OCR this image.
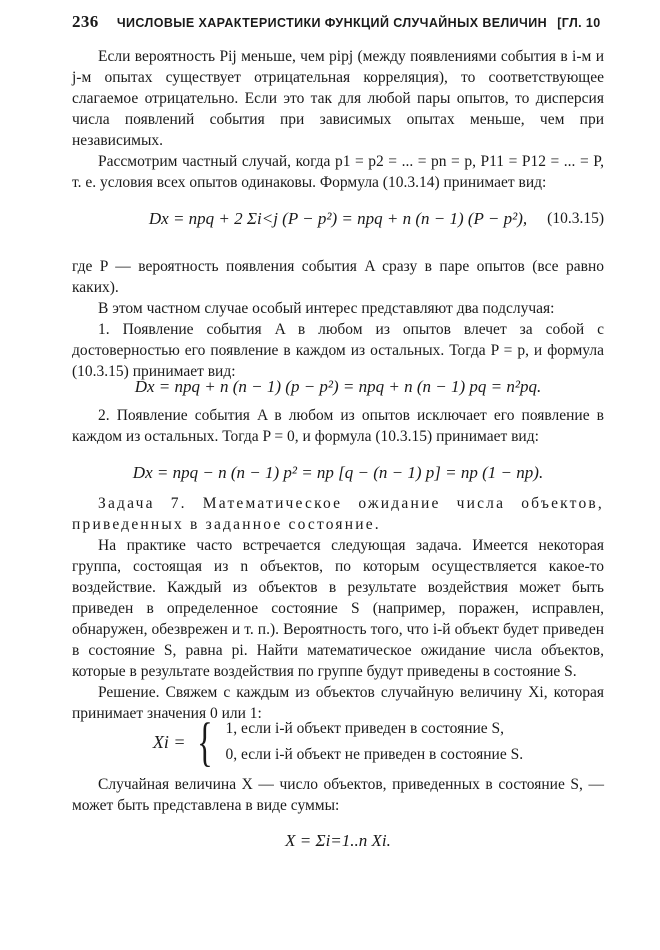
236 ЧИСЛОВЫЕ ХАРАКТЕРИСТИКИ ФУНКЦИЙ СЛУЧАЙНЫХ ВЕЛИЧИН [ГЛ. 10

Если вероятность Pij меньше, чем pipj (между появлениями события в i-м и j-м опытах существует отрицательная корреляция), то соответствующее слагаемое отрицательно. Если это так для любой пары опытов, то дисперсия числа появлений события при зависимых опытах меньше, чем при независимых.

Рассмотрим частный случай, когда p1 = p2 = ... = pn = p, P11 = P12 = ... = P, т. е. условия всех опытов одинаковы. Формула (10.3.14) принимает вид:

Dx = npq + 2 Σi<j (P − p²) = npq + n (n − 1) (P − p²), (10.3.15)

где P — вероятность появления события A сразу в паре опытов (все равно каких).

В этом частном случае особый интерес представляют два подслучая:

1. Появление события A в любом из опытов влечет за собой с достоверностью его появление в каждом из остальных. Тогда P = p, и формула (10.3.15) принимает вид:

Dx = npq + n (n − 1) (p − p²) = npq + n (n − 1) pq = n²pq.

2. Появление события A в любом из опытов исключает его появление в каждом из остальных. Тогда P = 0, и формула (10.3.15) принимает вид:

Dx = npq − n (n − 1) p² = np [q − (n − 1) p] = np (1 − np).

Задача 7. Математическое ожидание числа объектов, приведенных в заданное состояние.

На практике часто встречается следующая задача. Имеется некоторая группа, состоящая из n объектов, по которым осуществляется какое-то воздействие. Каждый из объектов в результате воздействия может быть приведен в определенное состояние S (например, поражен, исправлен, обнаружен, обезврежен и т. п.). Вероятность того, что i-й объект будет приведен в состояние S, равна pi. Найти математическое ожидание числа объектов, которые в результате воздействия по группе будут приведены в состояние S.

Решение. Свяжем с каждым из объектов случайную величину Xi, которая принимает значения 0 или 1:

Xi = { 1, если i-й объект приведен в состояние S,
0, если i-й объект не приведен в состояние S.

Случайная величина X — число объектов, приведенных в состояние S, — может быть представлена в виде суммы:

X = Σi=1..n Xi.
